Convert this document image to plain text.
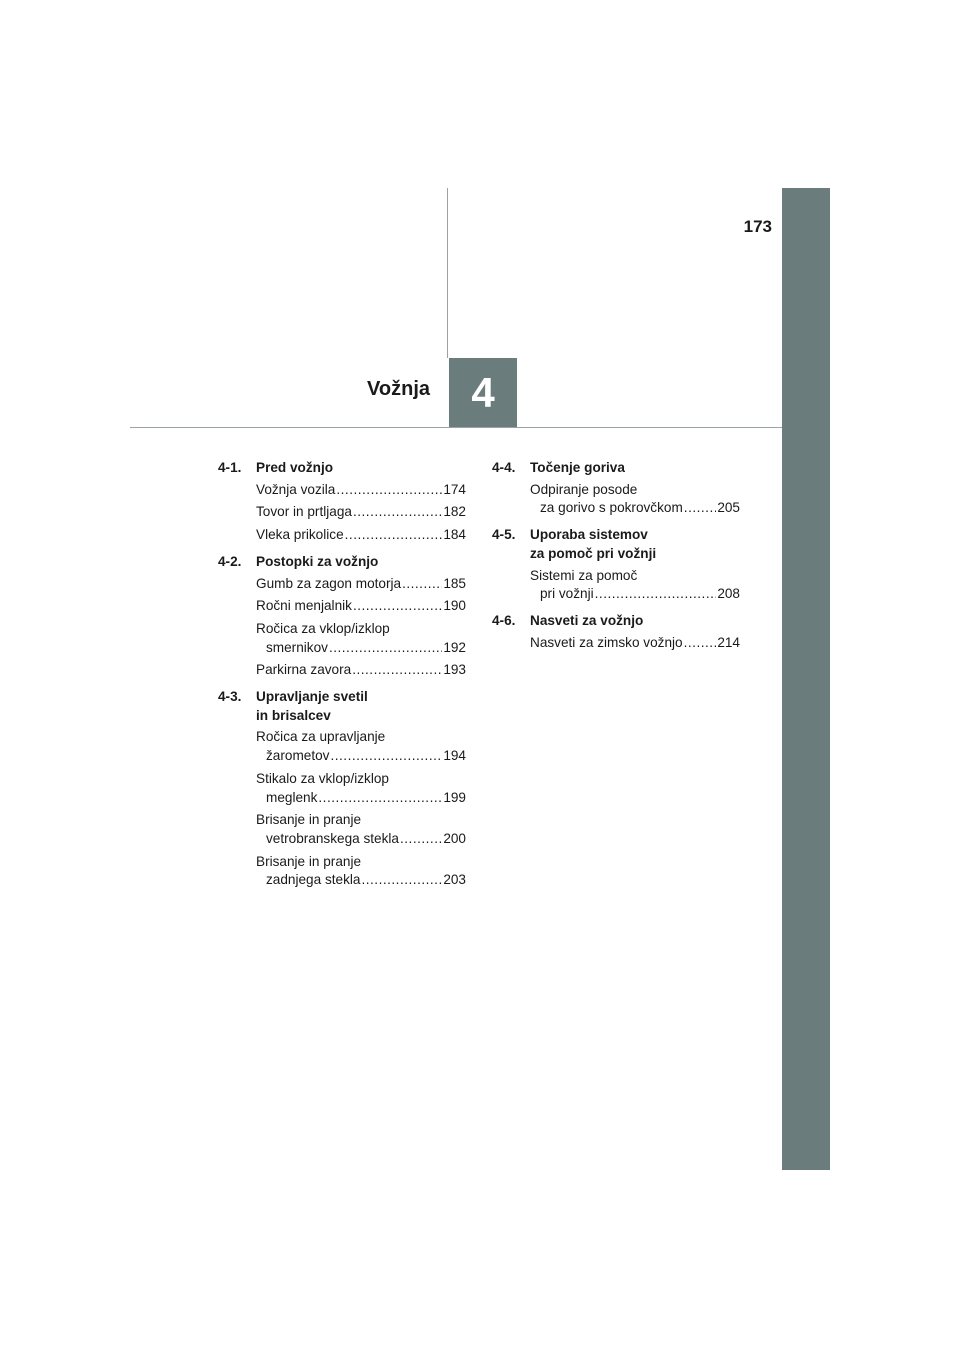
173
Vožnja 4
4-1.	Pred vožnjo
Vožnja vozila .....	174
Tovor in prtljaga .....	182
Vleka prikolice .....	184
4-2.	Postopki za vožnjo
Gumb za zagon motorja .....	185
Ročni menjalnik .....	190
Ročica za vklop/izklop
smernikov .....	192
Parkirna zavora .....	193
4-3.	Upravljanje svetil
in brisalcev
Ročica za upravljanje
žarometov .....	194
Stikalo za vklop/izklop
meglenk .....	199
Brisanje in pranje
vetrobranskega stekla .....	200
Brisanje in pranje
zadnjega stekla .....	203
4-4.	Točenje goriva
Odpiranje posode
za gorivo s pokrovčkom .....	205
4-5.	Uporaba sistemov
za pomoč pri vožnji
Sistemi za pomoč
pri vožnji .....	208
4-6.	Nasveti za vožnjo
Nasveti za zimsko vožnjo .....	214
